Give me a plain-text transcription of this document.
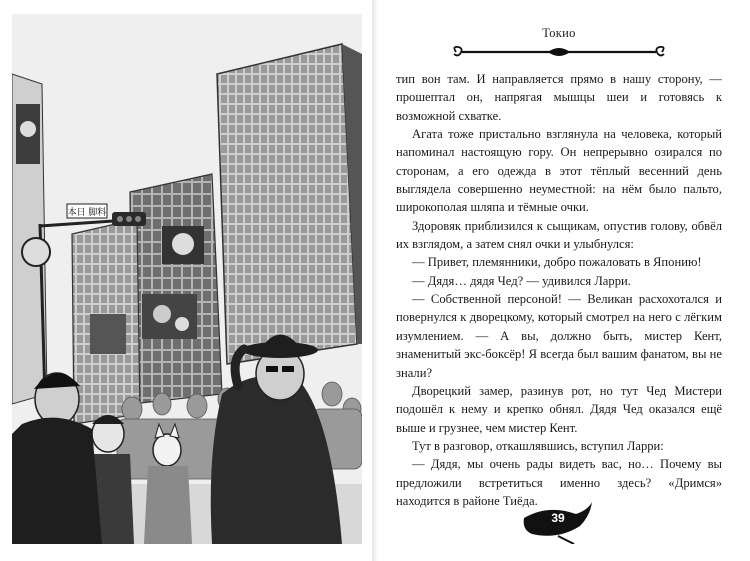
本日 脚料
Токио

тип вон там. И направляется прямо в нашу сторону, — прошептал он, напрягая мышцы шеи и готовясь к возможной схватке.

Агата тоже пристально взглянула на человека, который напоминал настоящую гору. Он непрерывно озирался по сторонам, а его одежда в этот тёплый весенний день выглядела совершенно неуместной: на нём было пальто, широкополая шляпа и тёмные очки.

Здоровяк приблизился к сыщикам, опустив голову, обвёл их взглядом, а затем снял очки и улыбнулся:

— Привет, племянники, добро пожаловать в Японию!

— Дядя… дядя Чед? — удивился Ларри.

— Собственной персоной! — Великан расхохотался и повернулся к дворецкому, который смотрел на него с лёгким изумлением. — А вы, должно быть, мистер Кент, знаменитый экс-боксёр! Я всегда был вашим фанатом, вы не знали?

Дворецкий замер, разинув рот, но тут Чед Мистери подошёл к нему и крепко обнял. Дядя Чед оказался ещё выше и грузнее, чем мистер Кент.

Тут в разговор, откашлявшись, вступил Ларри:

— Дядя, мы очень рады видеть вас, но… Почему вы предложили встретиться именно здесь? «Дримся» находится в районе Тиёда.

39
